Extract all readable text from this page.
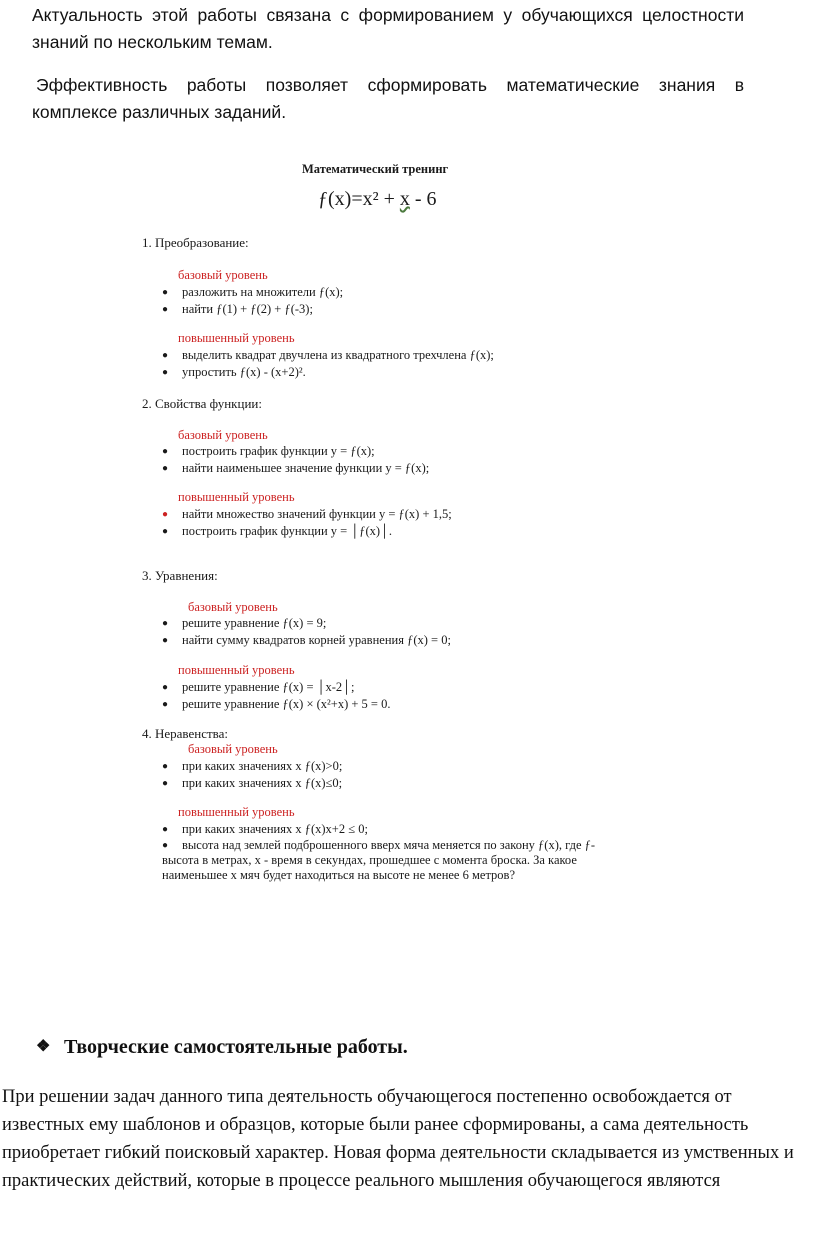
Актуальность этой работы связана с формированием у обучающихся целостности знаний по нескольким темам.

Эффективность работы позволяет сформировать математические знания в комплексе различных заданий.

Математический тренинг
ƒ(x)=x² + x - 6
1. Преобразование:
базовый уровень
● разложить на множители ƒ(x);
● найти ƒ(1) + ƒ(2) + ƒ(-3);
повышенный уровень
● выделить квадрат двучлена из квадратного трехчлена ƒ(x);
● упростить ƒ(x) - (x+2)².
2. Свойства функции:
базовый уровень
● построить график функции y = ƒ(x);
● найти наименьшее значение функции y = ƒ(x);
повышенный уровень
● найти множество значений функции y = ƒ(x) + 1,5;
● построить график функции y = │ƒ(x)│.
3. Уравнения:
базовый уровень
● решите уравнение ƒ(x) = 9;
● найти сумму квадратов корней уравнения ƒ(x) = 0;
повышенный уровень
● решите уравнение ƒ(x) = │x-2│;
● решите уравнение ƒ(x) × (x²+x) + 5 = 0.
4. Неравенства:
базовый уровень
● при каких значениях x ƒ(x)>0;
● при каких значениях x ƒ(x)≤0;
повышенный уровень
● при каких значениях x ƒ(x)x+2 ≤ 0;
●	высота над землей подброшенного вверх мяча меняется по закону ƒ(x), где ƒ- высота в метрах, x - время в секундах, прошедшее с момента броска. За какое наименьшее x мяч будет находиться на высоте не менее 6 метров?
❖ Творческие самостоятельные работы.

При решении задач данного типа деятельность обучающегося постепенно освобождается от известных ему шаблонов и образцов, которые были ранее сформированы, а сама деятельность приобретает гибкий поисковый характер. Новая форма деятельности складывается из умственных и практических действий, которые в процессе реального мышления обучающегося являются
